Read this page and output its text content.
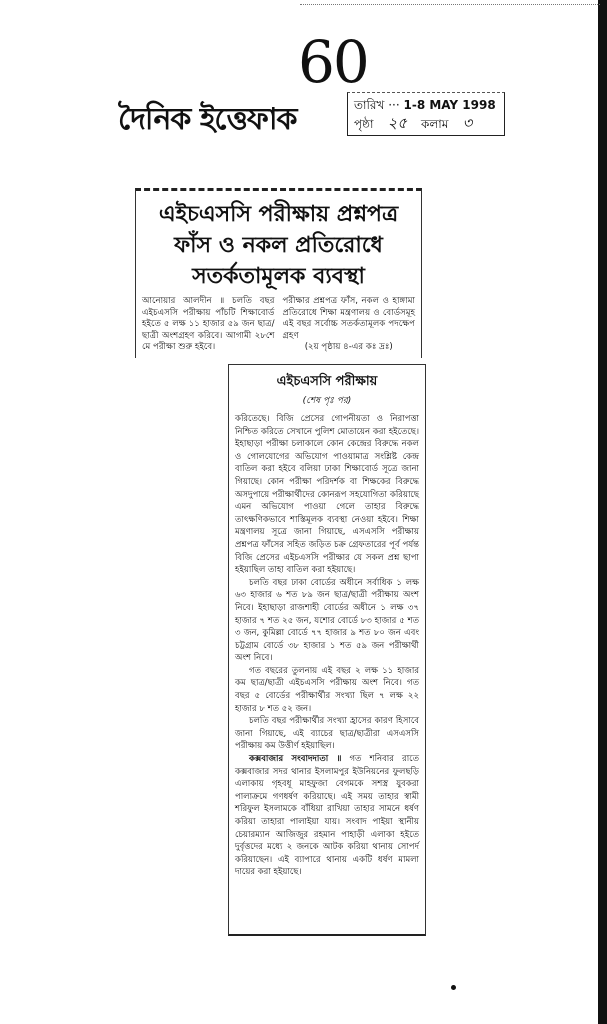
60
দৈনিক ইত্তেফাক	তারিখ ··· 1-8 MAY 1998
পৃষ্ঠা ২৫ কলাম ৩
এইচএসসি পরীক্ষায় প্রশ্নপত্র
ফাঁস ও নকল প্রতিরোধে
সতর্কতামূলক ব্যবস্থা
আনোয়ার আলদীন ॥ চলতি বছর এইচএসসি পরীক্ষায় পাঁচটি শিক্ষাবোর্ড হইতে ৫ লক্ষ ১১ হাজার ৫৯ জন ছাত্র/ছাত্রী অংশগ্রহণ করিবে। আগামী ২৮শে মে পরীক্ষা শুরু হইবে।
পরীক্ষার প্রশ্নপত্র ফাঁস, নকল ও হাঙ্গামা প্রতিরোধে শিক্ষা মন্ত্রণালয় ও বোর্ডসমূহ এই বছর সর্বোচ্চ সতর্কতামূলক পদক্ষেপ গ্রহণ
(২য় পৃষ্ঠায় ৪-এর কঃ দ্রঃ)
এইচএসসি পরীক্ষায়
(শেষ পৃঃ পর)

করিতেছে। বিজি প্রেসের গোপনীয়তা ও নিরাপত্তা নিশ্চিত করিতে সেখানে পুলিশ মোতায়েন করা হইতেছে। ইহাছাড়া পরীক্ষা চলাকালে কোন কেন্দ্রের বিরুদ্ধে নকল ও গোলযোগের অভিযোগ পাওয়ামাত্র সংশ্লিষ্ট কেন্দ্র বাতিল করা হইবে বলিয়া ঢাকা শিক্ষাবোর্ড সূত্রে জানা গিয়াছে। কোন পরীক্ষা পরিদর্শক বা শিক্ষকের বিরুদ্ধে অসদুপায়ে পরীক্ষার্থীদের কোনরূপ সহযোগিতা করিয়াছে এমন অভিযোগ পাওয়া গেলে তাহার বিরুদ্ধে তাৎক্ষণিকভাবে শাস্তিমূলক ব্যবস্থা নেওয়া হইবে। শিক্ষা মন্ত্রণালয় সূত্রে জানা গিয়াছে, এসএসসি পরীক্ষায় প্রশ্নপত্র ফাঁসের সহিত জড়িত চক্র গ্রেফতারের পূর্ব পর্যন্ত বিজি প্রেসের এইচএসসি পরীক্ষার যে সকল প্রশ্ন ছাপা হইয়াছিল তাহা বাতিল করা হইয়াছে।

চলতি বছর ঢাকা বোর্ডের অধীনে সর্বাধিক ১ লক্ষ ৬৩ হাজার ৬ শত ৮৯ জন ছাত্র/ছাত্রী পরীক্ষায় অংশ নিবে। ইহাছাড়া রাজশাহী বোর্ডের অধীনে ১ লক্ষ ৩৭ হাজার ৭ শত ২৫ জন, যশোর বোর্ডে ৮৩ হাজার ৫ শত ৩ জন, কুমিল্লা বোর্ডে ৭৭ হাজার ৯ শত ৮০ জন এবং চট্টগ্রাম বোর্ডে ৩৮ হাজার ১ শত ৫৯ জন পরীক্ষার্থী অংশ নিবে।

গত বছরের তুলনায় এই বছর ২ লক্ষ ১১ হাজার কম ছাত্র/ছাত্রী এইচএসসি পরীক্ষায় অংশ নিবে। গত বছর ৫ বোর্ডের পরীক্ষার্থীর সংখ্যা ছিল ৭ লক্ষ ২২ হাজার ৮ শত ৫২ জন।

চলতি বছর পরীক্ষার্থীর সংখ্যা হ্রাসের কারণ হিসাবে জানা গিয়াছে, এই ব্যাচের ছাত্র/ছাত্রীরা এসএসসি পরীক্ষায় কম উত্তীর্ণ হইয়াছিল।

কক্সবাজার সংবাদদাতা ॥ গত শনিবার রাতে কক্সবাজার সদর থানার ইসলামপুর ইউনিয়নের ফুলছড়ি এলাকায় গৃহবধূ মাহফুজা বেগমকে সশস্ত্র যুবকরা পালাক্রমে গণধর্ষণ করিয়াছে। এই সময় তাহার স্বামী শরিফুল ইসলামকে বাঁধিয়া রাখিয়া তাহার সামনে ধর্ষণ করিয়া তাহারা পালাইয়া যায়। সংবাদ পাইয়া স্থানীয় চেয়ারম্যান আজিজুর রহমান পাহাড়ী এলাকা হইতে দুর্বৃত্তদের মধ্যে ২ জনকে আটক করিয়া থানায় সোপর্দ করিয়াছেন। এই ব্যাপারে থানায় একটি ধর্ষণ মামলা দায়ের করা হইয়াছে।
